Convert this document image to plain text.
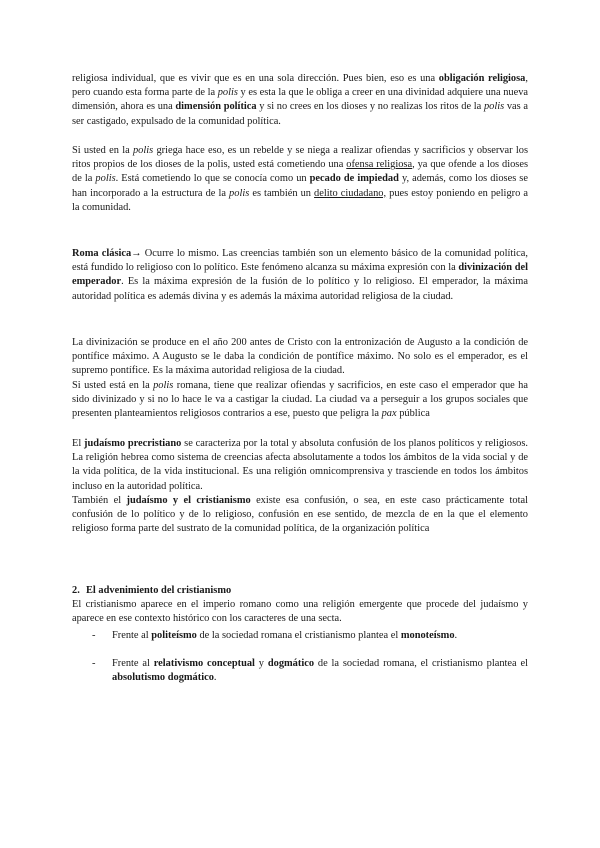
religiosa individual, que es vivir que es en una sola dirección. Pues bien, eso es una obligación religiosa, pero cuando esta forma parte de la polis y es esta la que le obliga a creer en una divinidad adquiere una nueva dimensión, ahora es una dimensión política y si no crees en los dioses y no realizas los ritos de la polis vas a ser castigado, expulsado de la comunidad política.

Si usted en la polis griega hace eso, es un rebelde y se niega a realizar ofiendas y sacrificios y observar los ritos propios de los dioses de la polis, usted está cometiendo una ofensa religiosa, ya que ofende a los dioses de la polis. Está cometiendo lo que se conocía como un pecado de impiedad y, además, como los dioses se han incorporado a la estructura de la polis es también un delito ciudadano, pues estoy poniendo en peligro a la comunidad.

Roma clásica→ Ocurre lo mismo. Las creencias también son un elemento básico de la comunidad política, está fundido lo religioso con lo político. Este fenómeno alcanza su máxima expresión con la divinización del emperador. Es la máxima expresión de la fusión de lo político y lo religioso. El emperador, la máxima autoridad política es además divina y es además la máxima autoridad religiosa de la ciudad.

La divinización se produce en el año 200 antes de Cristo con la entronización de Augusto a la condición de pontífice máximo. A Augusto se le daba la condición de pontífice máximo. No solo es el emperador, es el supremo pontífice. Es la máxima autoridad religiosa de la ciudad.

Si usted está en la polis romana, tiene que realizar ofiendas y sacrificios, en este caso el emperador que ha sido divinizado y si no lo hace le va a castigar la ciudad. La ciudad va a perseguir a los grupos sociales que presenten planteamientos religiosos contrarios a ese, puesto que peligra la pax pública

El judaísmo precristiano se caracteriza por la total y absoluta confusión de los planos políticos y religiosos. La religión hebrea como sistema de creencias afecta absolutamente a todos los ámbitos de la vida social y de la vida política, de la vida institucional. Es una religión omnicomprensiva y trasciende en todos los ámbitos incluso en la autoridad política.

También el judaísmo y el cristianismo existe esa confusión, o sea, en este caso prácticamente total confusión de lo político y de lo religioso, confusión en ese sentido, de mezcla de en la que el elemento religioso forma parte del sustrato de la comunidad política, de la organización política

2. El advenimiento del cristianismo

El cristianismo aparece en el imperio romano como una religión emergente que procede del judaísmo y aparece en ese contexto histórico con los caracteres de una secta.

- Frente al politeísmo de la sociedad romana el cristianismo plantea el monoteísmo.
- Frente al relativismo conceptual y dogmático de la sociedad romana, el cristianismo plantea el absolutismo dogmático.
